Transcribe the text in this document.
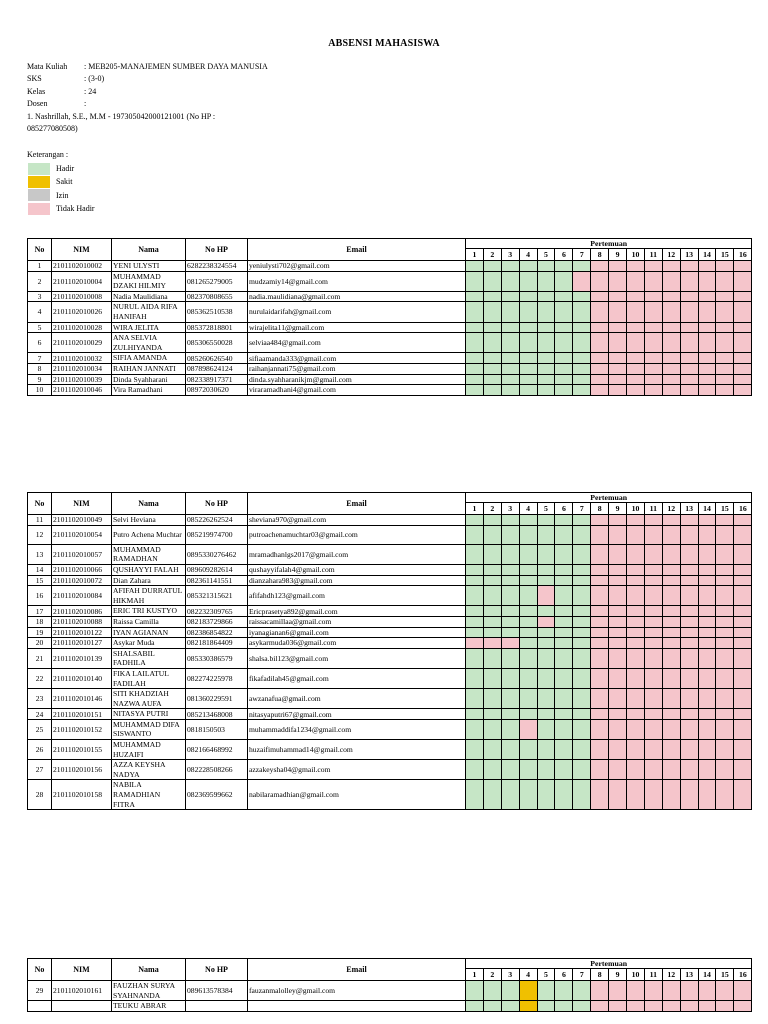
ABSENSI MAHASISWA
Mata Kuliah	: MEB205-MANAJEMEN SUMBER DAYA MANUSIA
SKS	: (3-0)
Kelas	: 24
Dosen	:
1. Nashrillah, S.E., M.M - 197305042000121001 (No HP : 085277080508)
Keterangan :
Hadir
Sakit
Izin
Tidak Hadir
No	NIM	Nama	No HP	Email	Pertemuan															
					1	2	3	4	5	6	7	8	9	10	11	12	13	14	15	16
1	2101102010002	YENI ULYSTI	6282238324554	yeniulysti702@gmail.com																
2	2101102010004	MUHAMMAD DZAKI HILMIY	081265279005	mudzamiy14@gmail.com																
3	2101102010008	Nadia Maulidiana	082370808655	nadia.maulidiana@gmail.com																
4	2101102010026	NURUL AIDA RIFA HANIFAH	085362510538	nurulaidarifah@gmail.com																
5	2101102010028	WIRA JELITA	085372818801	wirajelita11@gmail.com																
6	2101102010029	ANA SELVIA ZULHIYANDA	085306550028	selviaa484@gmail.com																
7	2101102010032	SIFIA AMANDA	085260626540	sifiaamanda333@gmail.com																
8	2101102010034	RAIHAN JANNATI	087898624124	raihanjannati75@gmail.com																
9	2101102010039	Dinda Syahharani	082338917371	dinda.syahharanikjm@gmail.com																
10	2101102010046	Vira Ramadhani	08972030620	viraramadhani4@gmail.com																
No	NIM	Nama	No HP	Email	Pertemuan															
					1	2	3	4	5	6	7	8	9	10	11	12	13	14	15	16
11	2101102010049	Selvi Heviana	085226262524	sheviana970@gmail.com																
12	2101102010054	Putro Achena Muchtar	085219974700	putroachenamuchtar03@gmail.com																
13	2101102010057	MUHAMMAD RAMADHAN	0895330276462	mramadhanlgs2017@gmail.com																
14	2101102010066	QUSHAYYI FALAH	089609282614	qushayyifalah4@gmail.com																
15	2101102010072	Dian Zahara	082361141551	dianzahara983@gmail.com																
16	2101102010084	AFIFAH DURRATUL HIKMAH	085321315621	afifahdh123@gmail.com																
17	2101102010086	ERIC TRI KUSTYO	082232309765	Ericprasetya892@gmail.com																
18	2101102010088	Raissa Camilla	082183729866	raissacamillaa@gmail.com																
19	2101102010122	IYAN AGIANAN	082386854822	iyanagianan6@gmail.com																
20	2101102010127	Asykar Muda	082181864409	asykarmuda036@gmail.com																
21	2101102010139	SHALSABIL FADHILA	085330386579	shalsa.bil123@gmail.com																
22	2101102010140	FIKA LAILATUL FADILAH	082274225978	fikafadilah45@gmail.com																
23	2101102010146	SITI KHADZIAH NAZWA AUFA	081360229591	awzanafua@gmail.com																
24	2101102010151	NITASYA PUTRI	085213468008	nitasyaputri67@gmail.com																
25	2101102010152	MUHAMMAD DIFA SISWANTO	0818150503	muhammaddifa1234@gmail.com																
26	2101102010155	MUHAMMAD HUZAIFI	082166468992	huzaifimuhammad14@gmail.com																
27	2101102010156	AZZA KEYSHA NADYA	082228508266	azzakeysha04@gmail.com																
28	2101102010158	NABILA RAMADHIAN FITRA	082369599662	nabilaramadhian@gmail.com																
No	NIM	Nama	No HP	Email	Pertemuan															
					1	2	3	4	5	6	7	8	9	10	11	12	13	14	15	16
29	2101102010161	FAUZHAN SURYA SYAHNANDA	089613578384	fauzanmalolley@gmail.com																
		TEUKU ABRAR																		
